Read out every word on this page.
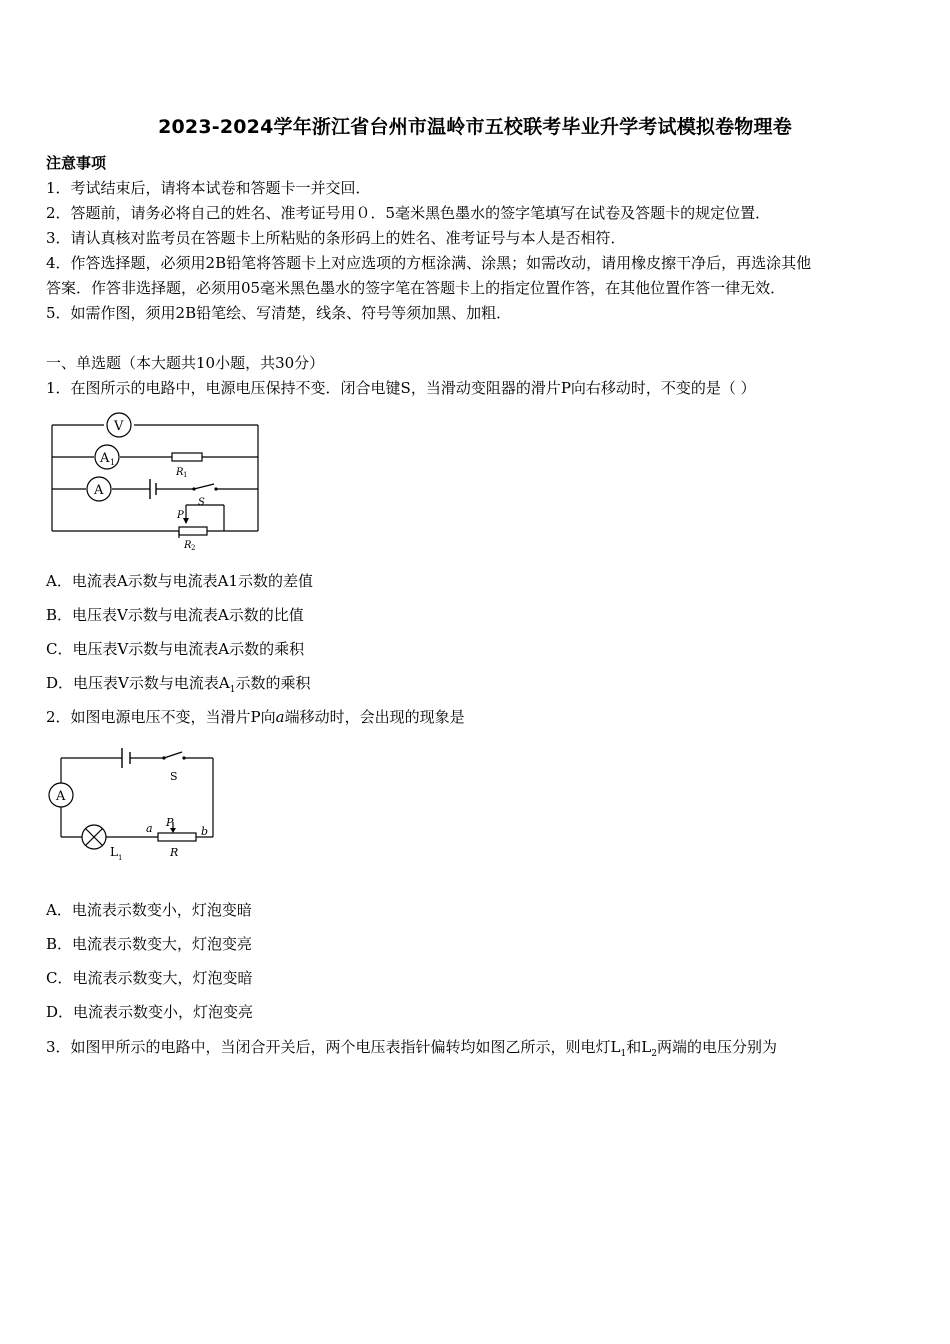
2023-2024学年浙江省台州市温岭市五校联考毕业升学考试模拟卷物理卷
注意事项
1．考试结束后，请将本试卷和答题卡一并交回．
2．答题前，请务必将自己的姓名、准考证号用０．5毫米黑色墨水的签字笔填写在试卷及答题卡的规定位置．
3．请认真核对监考员在答题卡上所粘贴的条形码上的姓名、准考证号与本人是否相符．
4．作答选择题，必须用2B铅笔将答题卡上对应选项的方框涂满、涂黑；如需改动，请用橡皮擦干净后，再选涂其他
答案．作答非选择题，必须用05毫米黑色墨水的签字笔在答题卡上的指定位置作答，在其他位置作答一律无效．
5．如需作图，须用2B铅笔绘、写清楚，线条、符号等须加黑、加粗．
一、单选题（本大题共10小题，共30分）
1．在图所示的电路中，电源电压保持不变．闭合电键S，当滑动变阻器的滑片P向右移动时，不变的是（ ）
V
A 1
A
R 1
S
P
R 2
A．电流表A示数与电流表A1示数的差值
B．电压表V示数与电流表A示数的比值
C．电压表V示数与电流表A示数的乘积
D．电压表V示数与电流表$A_1$示数的乘积
2．如图电源电压不变，当滑片P向a端移动时，会出现的现象是
A
S
a P
b
R
L 1
A．电流表示数变小，灯泡变暗
B．电流表示数变大，灯泡变亮
C．电流表示数变大，灯泡变暗
D．电流表示数变小，灯泡变亮
3．如图甲所示的电路中，当闭合开关后，两个电压表指针偏转均如图乙所示，则电灯$L_1$和$L_2$两端的电压分别为
